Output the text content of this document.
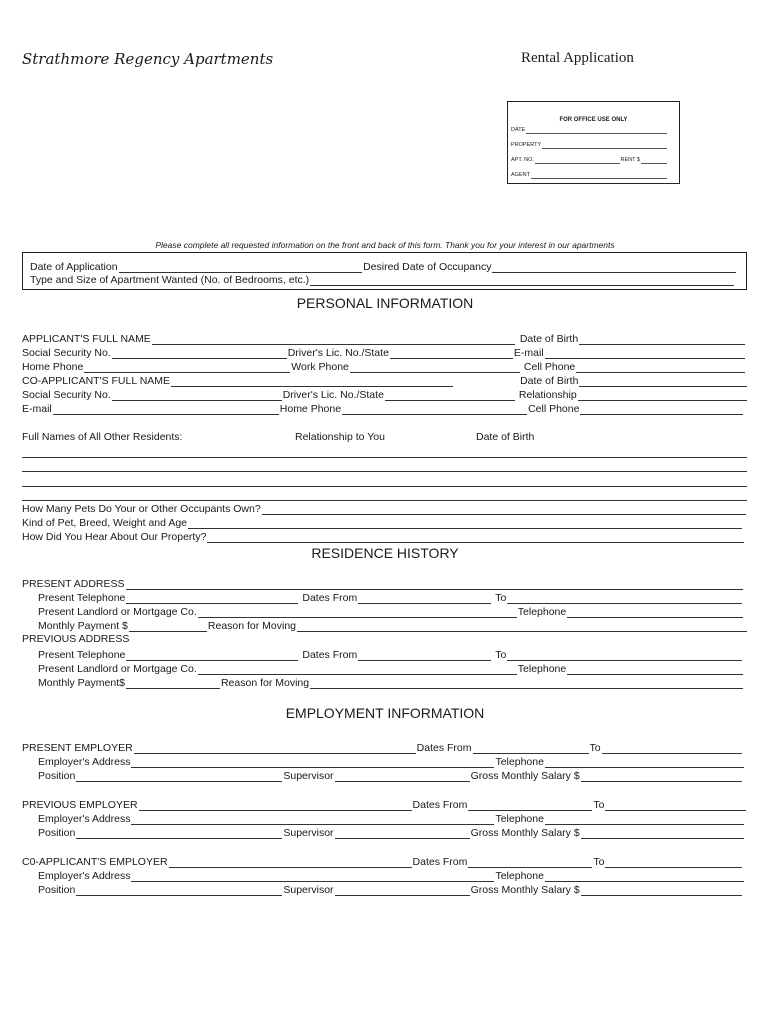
Strathmore Regency Apartments	Rental Application
FOR OFFICE USE ONLY
DATE
PROPERTY
APT. NO.	RENT $
AGENT
Please complete all requested information on the front and back of this form. Thank you for your interest in our apartments
Date of Application	Desired Date of Occupancy
Type and Size of Apartment Wanted (No. of Bedrooms, etc.)
PERSONAL INFORMATION
APPLICANT'S FULL NAME	Date of Birth
Social Security No.	Driver's Lic. No./State	E-mail
Home Phone	Work Phone	Cell Phone
CO-APPLICANT'S FULL NAME	Date of Birth
Social Security No.	Driver's Lic. No./State	Relationship
E-mail	Home Phone	Cell Phone
Full Names of All Other Residents:	Relationship to You	Date of Birth
How Many Pets Do Your or Other Occupants Own?
Kind of Pet, Breed, Weight and Age
How Did You Hear About Our Property?
RESIDENCE HISTORY
PRESENT ADDRESS
Present Telephone	Dates From	To
Present Landlord or Mortgage Co.	Telephone
Monthly Payment $	Reason for Moving
PREVIOUS ADDRESS
Present Telephone	Dates From	To
Present Landlord or Mortgage Co.	Telephone
Monthly Payment$	Reason for Moving
EMPLOYMENT INFORMATION
PRESENT EMPLOYER	Dates From	To
Employer's Address	Telephone
Position	Supervisor	Gross Monthly Salary $
PREVIOUS EMPLOYER	Dates From	To
Employer's Address	Telephone
Position	Supervisor	Gross Monthly Salary $
C0-APPLICANT'S EMPLOYER	Dates From	To
Employer's Address	Telephone
Position	Supervisor	Gross Monthly Salary $
